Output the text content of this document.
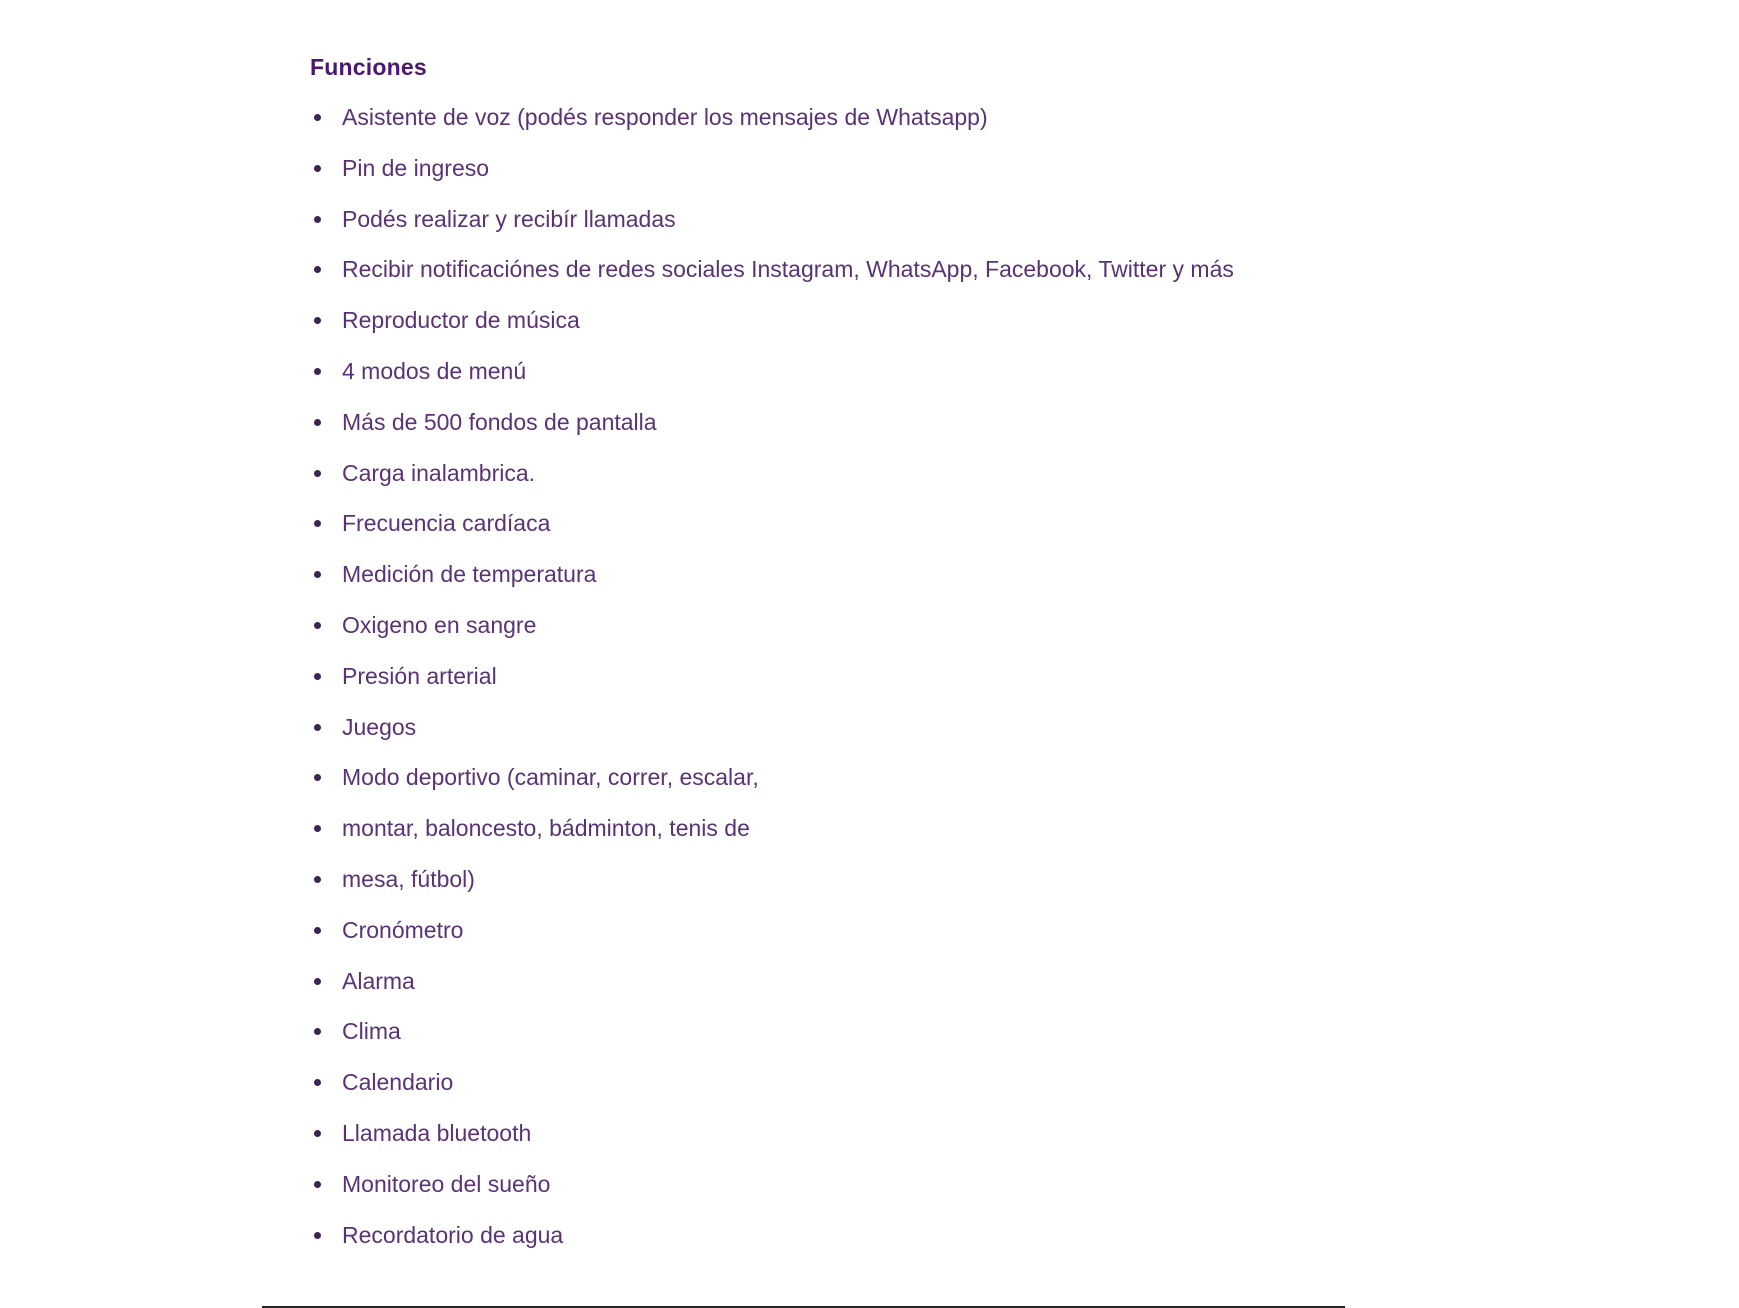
Funciones
Asistente de voz (podés responder los mensajes de Whatsapp)
Pin de ingreso
Podés realizar y recibír llamadas
Recibir notificaciónes de redes sociales Instagram, WhatsApp, Facebook, Twitter y más
Reproductor de música
4 modos de menú
Más de 500 fondos de pantalla
Carga inalambrica.
Frecuencia cardíaca
Medición de temperatura
Oxigeno en sangre
Presión arterial
Juegos
Modo deportivo (caminar, correr, escalar,
montar, baloncesto, bádminton, tenis de
mesa, fútbol)
Cronómetro
Alarma
Clima
Calendario
Llamada bluetooth
Monitoreo del sueño
Recordatorio de agua
